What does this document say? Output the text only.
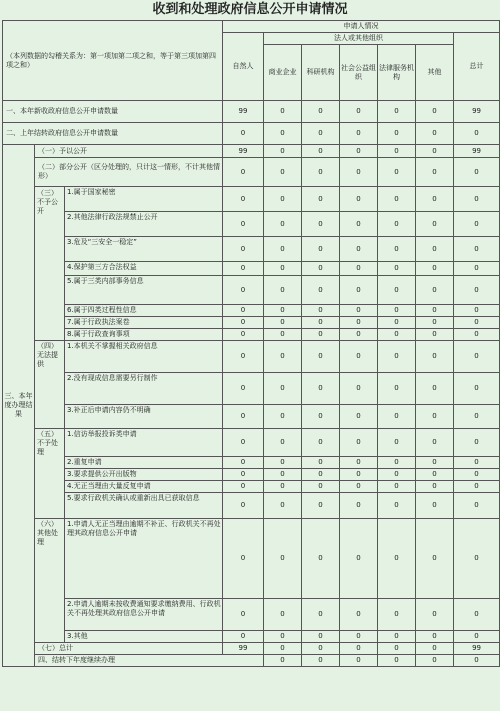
收到和处理政府信息公开申请情况
（本列数据的勾稽关系为：第一项加第二项之和，等于第三项加第四项之和）			申请人情况							
			自然人	法人或其他组织					总计	
				商业企业	科研机构	社会公益组织	法律服务机构	其他		
一、本年新收政府信息公开申请数量			99	0	0	0	0	0	99	
二、上年结转政府信息公开申请数量			0	0	0	0	0	0	0	
三、本年度办理结果	（一）予以公开		99	0	0	0	0	0	99	
	（二）部分公开（区分处理的，只计这一情形，不计其他情形）		0	0	0	0	0	0	0	
	（三）不予公开	1.属于国家秘密	0	0	0	0	0	0	0	
		2.其他法律行政法规禁止公开	0	0	0	0	0	0	0	
		3.危及“三安全一稳定”	0	0	0	0	0	0	0	
		4.保护第三方合法权益	0	0	0	0	0	0	0	
		5.属于三类内部事务信息	0	0	0	0	0	0	0	
		6.属于四类过程性信息	0	0	0	0	0	0	0	
		7.属于行政执法案卷	0	0	0	0	0	0	0	
		8.属于行政查询事项	0	0	0	0	0	0	0	
	（四）无法提供	1.本机关不掌握相关政府信息	0	0	0	0	0	0	0	
		2.没有现成信息需要另行制作	0	0	0	0	0	0	0	
		3.补正后申请内容仍不明确	0	0	0	0	0	0	0	
	（五）不予处理	1.信访举报投诉类申请	0	0	0	0	0	0	0	
		2.重复申请	0	0	0	0	0	0	0	
		3.要求提供公开出版物	0	0	0	0	0	0	0	
		4.无正当理由大量反复申请	0	0	0	0	0	0	0	
		5.要求行政机关确认或重新出具已获取信息	0	0	0	0	0	0	0	
	（六）其他处理	1.申请人无正当理由逾期不补正、行政机关不再处理其政府信息公开申请	0	0	0	0	0	0	0	
		2.申请人逾期未按收费通知要求缴纳费用、行政机关不再处理其政府信息公开申请	0	0	0	0	0	0	0	
		3.其他	0	0	0	0	0	0	0	
	（七）总计		99	0	0	0	0	0	99	
	四、结转下年度继续办理			0	0	0	0	0	0	
